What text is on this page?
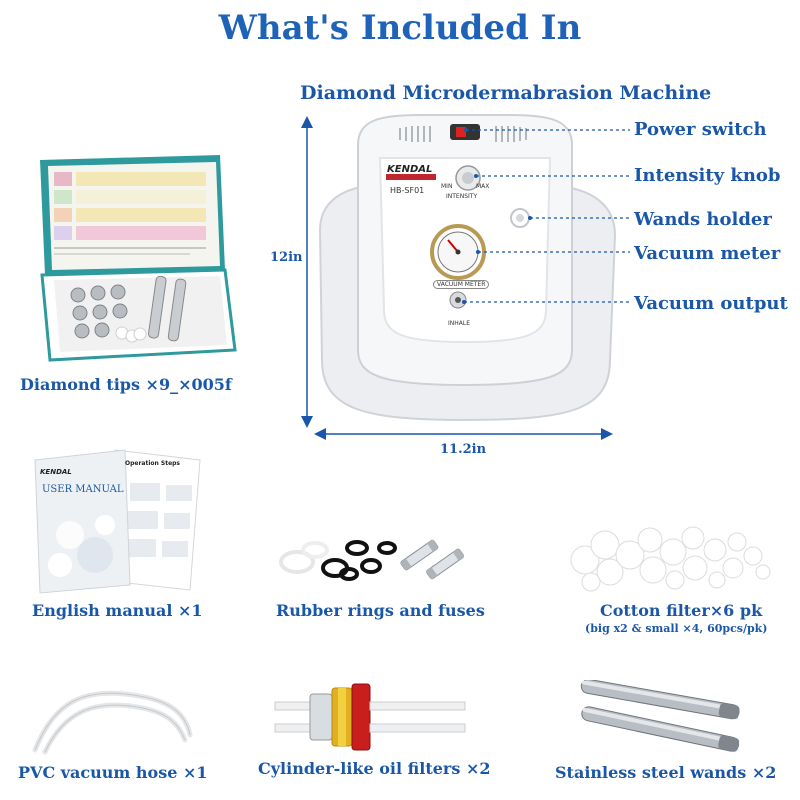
What's Included In
Diamond Microdermabrasion Machine
Diamond tips ×9_×005f
KENDAL
HB-SF01	MIN	MAX
INTENSITY
VACUUM METER
INHALE
12in
11.2in
Power switch
Intensity knob
Wands holder
Vacuum meter
Vacuum output
KENDAL
USER MANUAL
Operation Steps
English manual ×1	Rubber rings and fuses	Cotton filter×6 pk
(big x2 & small ×4, 60pcs/pk)
PVC vacuum hose ×1	Cylinder-like oil filters ×2	Stainless steel wands ×2
